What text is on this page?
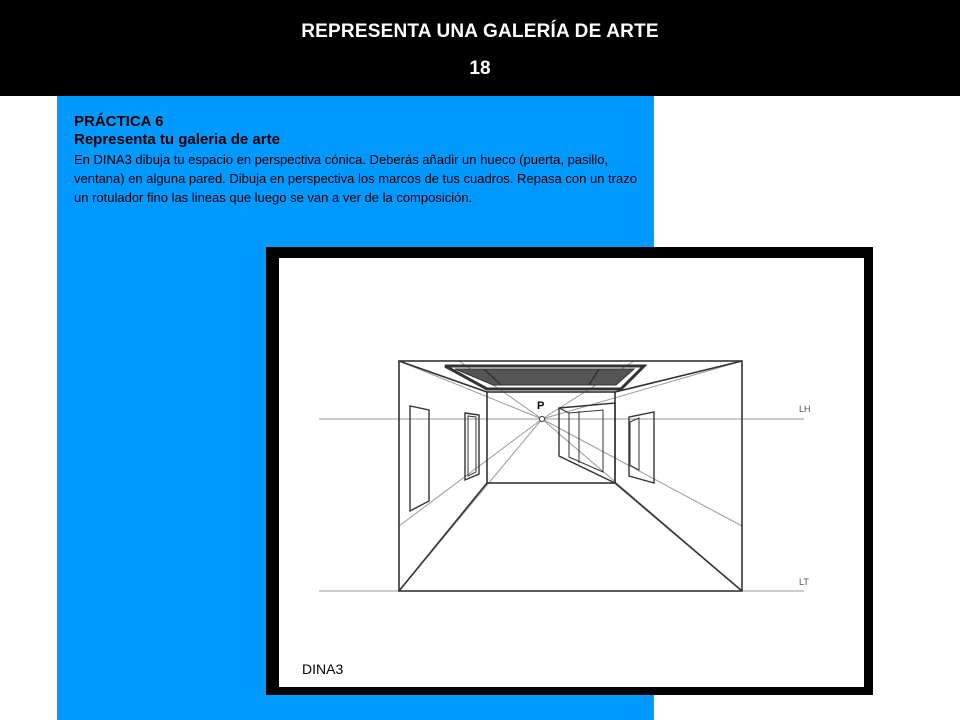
REPRESENTA UNA GALERÍA DE ARTE
18
PRÁCTICA 6
Representa tu galeria de arte
En DINA3 dibuja tu espacio en perspectiva cónica. Deberás añadir un hueco (puerta, pasillo, ventana) en alguna pared. Dibuja en perspectiva los marcos de tus cuadros. Repasa con un trazo un rotulador fino las lineas que luego se van a ver de la composición.
P	LH
LT
DINA3
